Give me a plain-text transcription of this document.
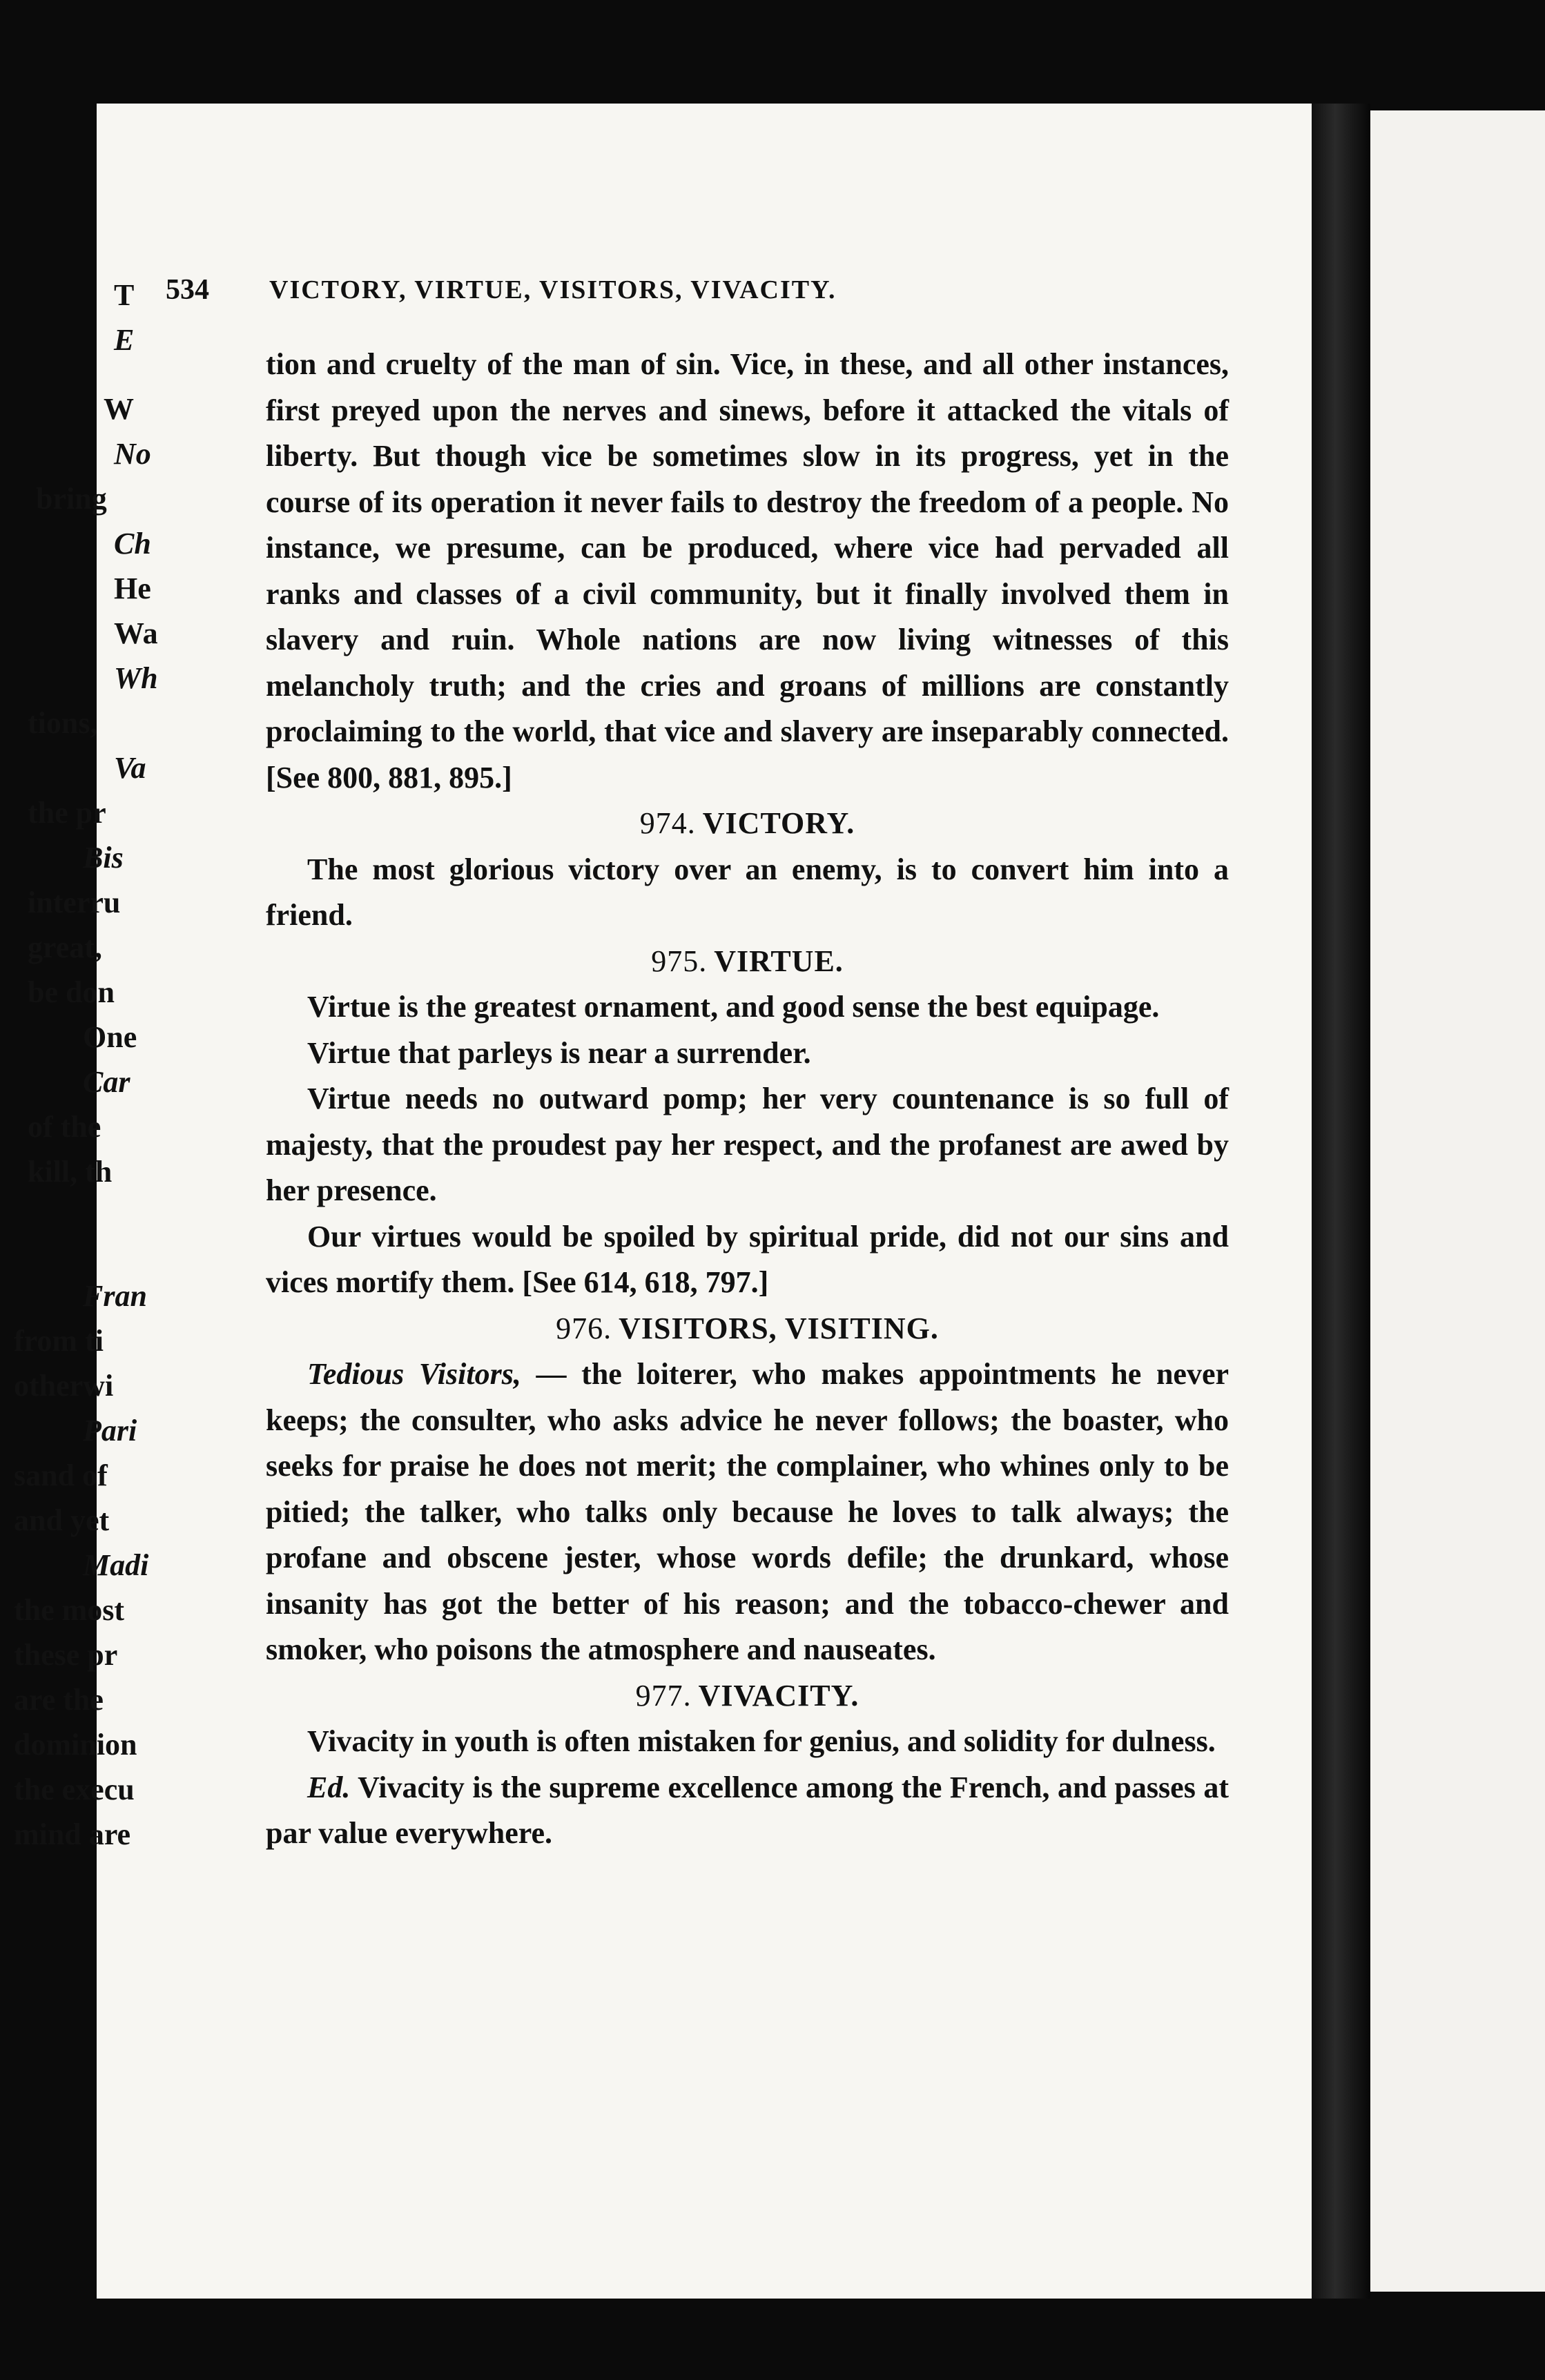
534 VICTORY, VIRTUE, VISITORS, VIVACITY.

tion and cruelty of the man of sin. Vice, in these, and all other instances, first preyed upon the nerves and sinews, before it attacked the vitals of liberty. But though vice be sometimes slow in its progress, yet in the course of its operation it never fails to destroy the freedom of a people. No instance, we presume, can be produced, where vice had pervaded all ranks and classes of a civil community, but it finally involved them in slavery and ruin. Whole nations are now living witnesses of this melancholy truth; and the cries and groans of millions are constantly proclaiming to the world, that vice and slavery are inseparably connected. [See 800, 881, 895.]

974. VICTORY.

The most glorious victory over an enemy, is to convert him into a friend.

975. VIRTUE.

Virtue is the greatest ornament, and good sense the best equipage.

Virtue that parleys is near a surrender.

Virtue needs no outward pomp; her very countenance is so full of majesty, that the proudest pay her respect, and the profanest are awed by her presence.

Our virtues would be spoiled by spiritual pride, did not our sins and vices mortify them. [See 614, 618, 797.]

976. VISITORS, VISITING.

Tedious Visitors, — the loiterer, who makes appointments he never keeps; the consulter, who asks advice he never follows; the boaster, who seeks for praise he does not merit; the complainer, who whines only to be pitied; the talker, who talks only because he loves to talk always; the profane and obscene jester, whose words defile; the drunkard, whose insanity has got the better of his reason; and the tobacco-chewer and smoker, who poisons the atmosphere and nauseates.

977. VIVACITY.

Vivacity in youth is often mistaken for genius, and solidity for dulness.

Ed. Vivacity is the supreme excellence among the French, and passes at par value everywhere.

T
E
W
No
bring
Ch
He
Wa
Wh
tions,
Va
the pr
Bis
interru
great,
be don
One
Car
of the
kill, th
Fran
from ti
otherwi
Pari
sand of
and yet
Madi
the most
these pr
are the
dominion
the execu
mind are
